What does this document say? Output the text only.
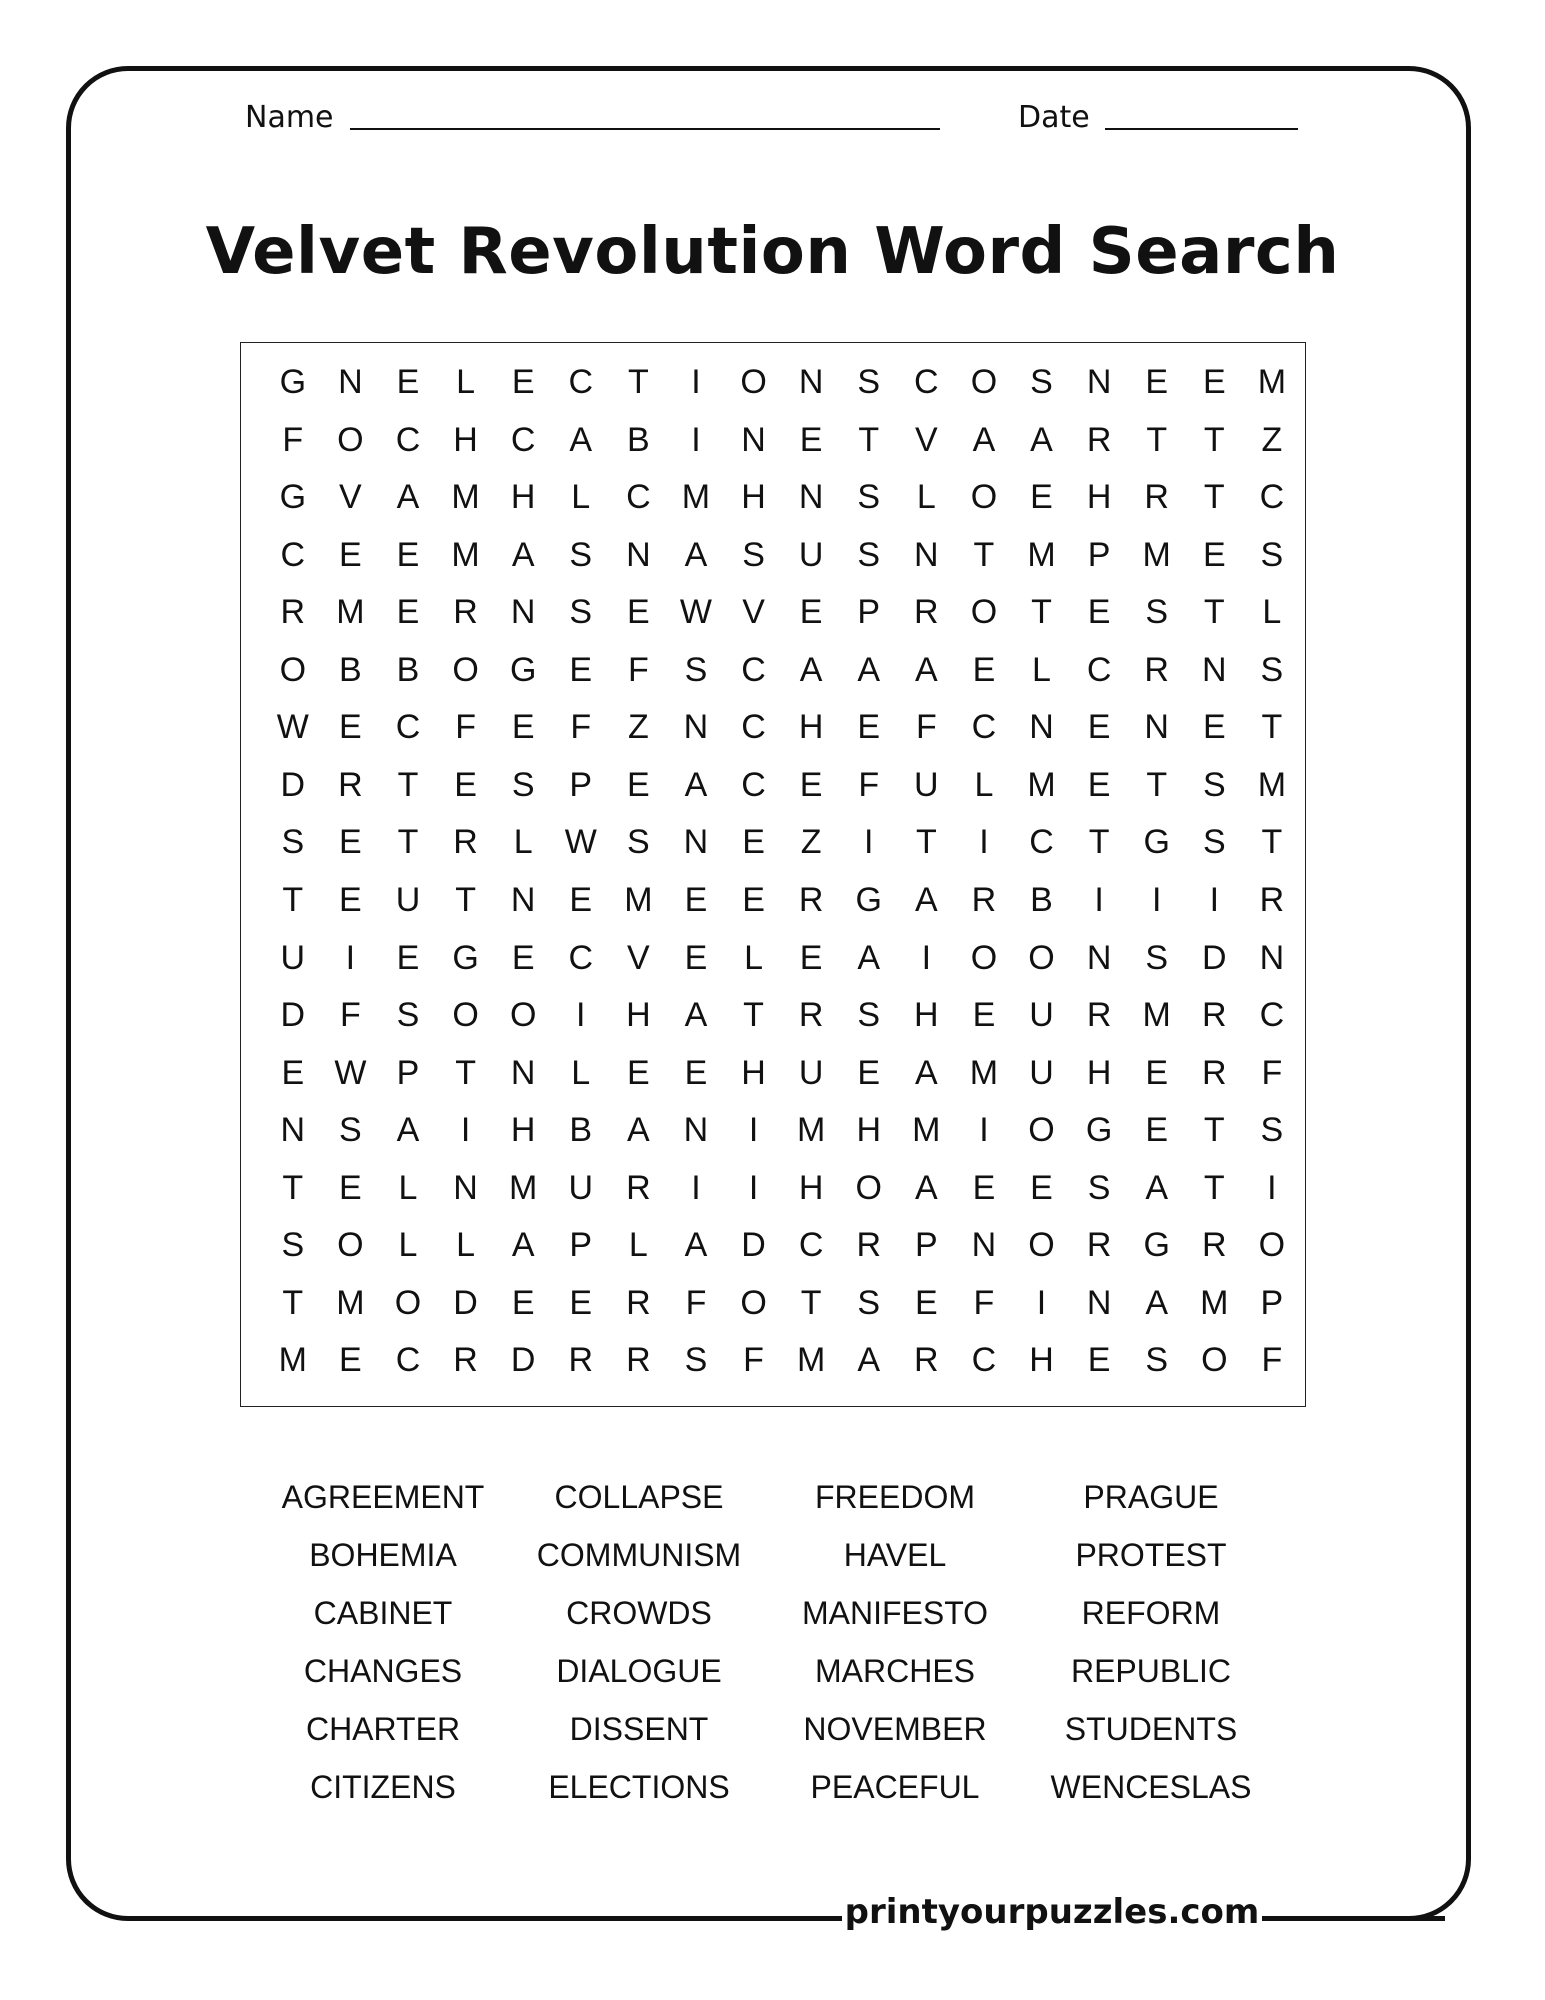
Name	Date
Velvet Revolution Word Search
G N E	L	E C	T	I	O N S C O S N E	E M
F O C H C A	B	I	N E	T	V	A	A R	T	T	Z
G V	A M H	L	C M H N S	L	O E H R	T	C
C E	E M A	S N A	S U S N	T M P M E	S
R M E R N S	E W V	E	P R O T	E	S	T	L
O B	B O G E	F	S C A	A	A	E	L	C R N S
W E C	F	E	F	Z	N C H E	F	C N E N E	T
D R	T	E	S	P	E	A C E	F	U	L M E	T	S M
S	E	T	R	L W S N E	Z	I	T	I	C	T G S	T
T	E U	T	N E M E	E R G A R B	I	I	I	R
U	I	E G E C V	E	L	E	A	I	O O N S D N
D	F	S O O	I	H A	T	R S H E U R M R C
E W P	T	N	L	E	E H U E	A M U H E R	F
N S	A	I	H B	A N	I	M H M	I	O G E	T	S
T	E	L	N M U R	I	I	H O A	E	E	S	A	T	I
S O	L	L	A	P	L	A D C R P N O R G R O
T M O D E	E R	F O T	S	E	F	I	N A M P
M E C R D R R S	F M A R C H E	S O F
AGREEMENT	COLLAPSE	FREEDOM	PRAGUE
BOHEMIA	COMMUNISM	HAVEL	PROTEST
CABINET	CROWDS	MANIFESTO	REFORM
CHANGES	DIALOGUE	MARCHES	REPUBLIC
CHARTER	DISSENT	NOVEMBER	STUDENTS
CITIZENS	ELECTIONS	PEACEFUL	WENCESLAS
printyourpuzzles.com
